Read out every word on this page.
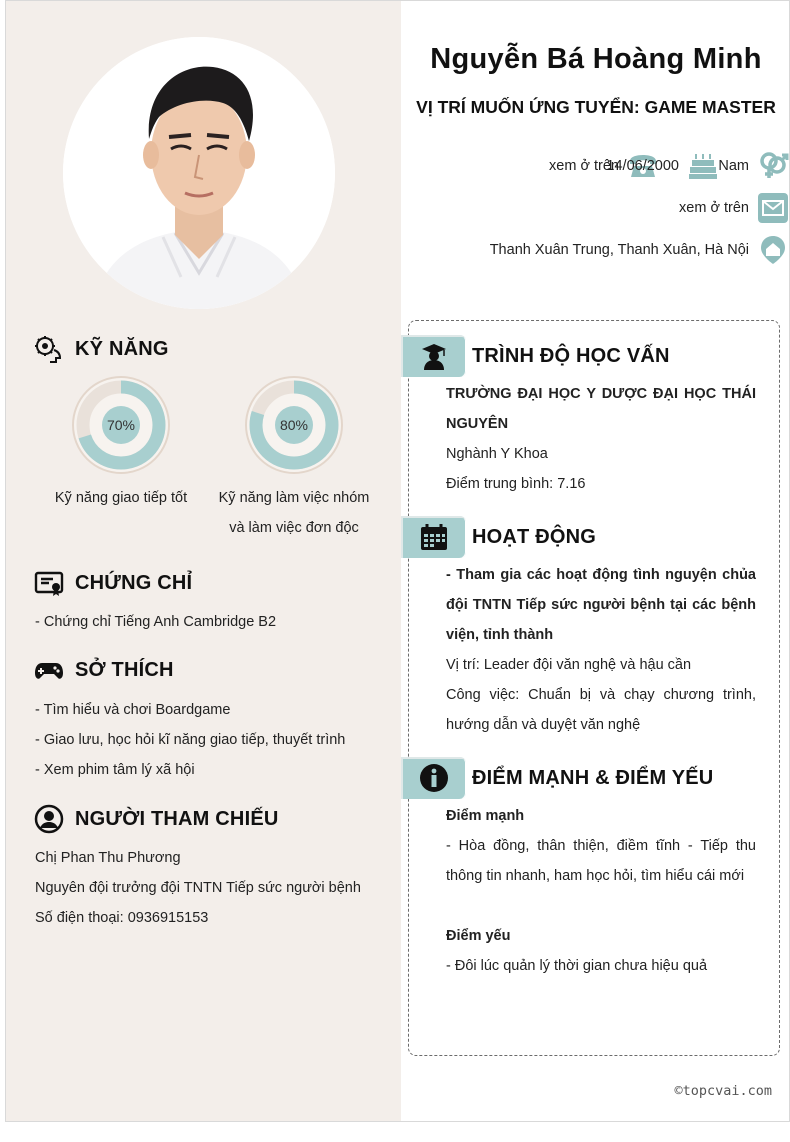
KỸ NĂNG
70%
Kỹ năng giao tiếp tốt
80%
Kỹ năng làm việc nhóm
và làm việc đơn độc
CHỨNG CHỈ
- Chứng chỉ Tiếng Anh Cambridge B2
SỞ THÍCH
- Tìm hiểu và chơi Boardgame
- Giao lưu, học hỏi kĩ năng giao tiếp, thuyết trình
- Xem phim tâm lý xã hội
NGƯỜI THAM CHIẾU
Chị Phan Thu Phương
Nguyên đội trưởng đội TNTN Tiếp sức người bệnh
Số điện thoại: 0936915153
Nguyễn Bá Hoàng Minh
VỊ TRÍ MUỐN ỨNG TUYỂN: GAME MASTER
xem ở trên
14/06/2000	Nam
xem ở trên
Thanh Xuân Trung, Thanh Xuân, Hà Nội
TRÌNH ĐỘ HỌC VẤN
TRƯỜNG ĐẠI HỌC Y DƯỢC ĐẠI HỌC THÁI NGUYÊN
Nghành Y Khoa
Điểm trung bình: 7.16
HOẠT ĐỘNG
- Tham gia các hoạt động tình nguyện chủa đội TNTN Tiếp sức người bệnh tại các bệnh viện, tỉnh thành
Vị trí: Leader đội văn nghệ và hậu cần
Công việc: Chuẩn bị và chạy chương trình, hướng dẫn và duyệt văn nghệ
ĐIỂM MẠNH & ĐIỂM YẾU
Điểm mạnh
- Hòa đồng, thân thiện, điềm tĩnh - Tiếp thu thông tin nhanh, ham học hỏi, tìm hiểu cái mới
Điểm yếu
- Đôi lúc quản lý thời gian chưa hiệu quả
©topcvai.com
